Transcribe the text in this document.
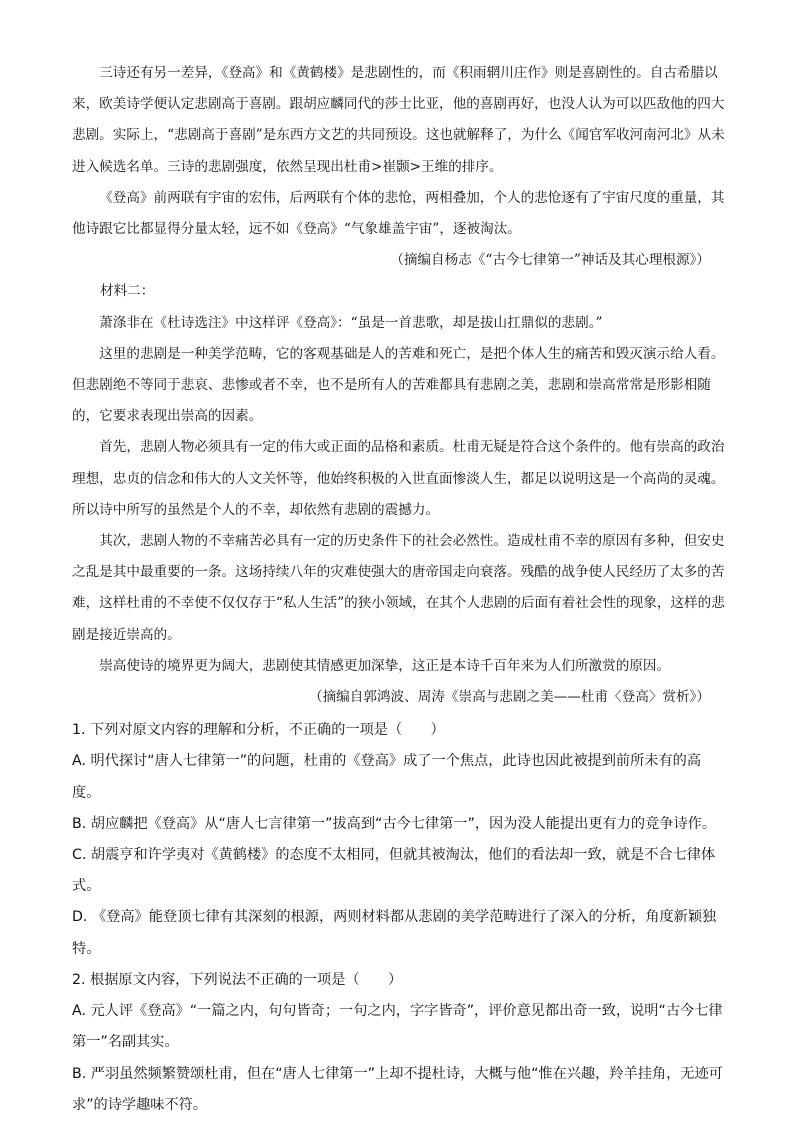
三诗还有另一差异，《登高》和《黄鹤楼》是悲剧性的，而《积雨辋川庄作》则是喜剧性的。自古希腊以来，欧美诗学便认定悲剧高于喜剧。跟胡应麟同代的莎士比亚，他的喜剧再好，也没人认为可以匹敌他的四大悲剧。实际上，“悲剧高于喜剧”是东西方文艺的共同预设。这也就解释了，为什么《闻官军收河南河北》从未进入候选名单。三诗的悲剧强度，依然呈现出杜甫>崔颢>王维的排序。

《登高》前两联有宇宙的宏伟，后两联有个体的悲怆，两相叠加，个人的悲怆逐有了宇宙尺度的重量，其他诗跟它比都显得分量太轻，远不如《登高》“气象雄盖宇宙”，逐被淘汰。

（摘编自杨志《“古今七律第一”神话及其心理根源》）

材料二：

萧涤非在《杜诗选注》中这样评《登高》：“虽是一首悲歌，却是拔山扛鼎似的悲剧。”

这里的悲剧是一种美学范畴，它的客观基础是人的苦难和死亡，是把个体人生的痛苦和毁灭演示给人看。但悲剧绝不等同于悲哀、悲惨或者不幸，也不是所有人的苦难都具有悲剧之美，悲剧和崇高常常是形影相随的，它要求表现出崇高的因素。

首先，悲剧人物必须具有一定的伟大或正面的品格和素质。杜甫无疑是符合这个条件的。他有崇高的政治理想，忠贞的信念和伟大的人文关怀等，他始终积极的入世直面惨淡人生，都足以说明这是一个高尚的灵魂。所以诗中所写的虽然是个人的不幸，却依然有悲剧的震撼力。

其次，悲剧人物的不幸痛苦必具有一定的历史条件下的社会必然性。造成杜甫不幸的原因有多种，但安史之乱是其中最重要的一条。这场持续八年的灾难使强大的唐帝国走向衰落。残酷的战争使人民经历了太多的苦难，这样杜甫的不幸使不仅仅存于“私人生活”的狭小领域，在其个人悲剧的后面有着社会性的现象，这样的悲剧是接近崇高的。

崇高使诗的境界更为阔大，悲剧使其情感更加深挚，这正是本诗千百年来为人们所激赏的原因。

（摘编自郭鸿波、周涛《崇高与悲剧之美——杜甫〈登高〉赏析》）

1. 下列对原文内容的理解和分析，不正确的一项是（　　）

A. 明代探讨“唐人七律第一”的问题，杜甫的《登高》成了一个焦点，此诗也因此被提到前所未有的高度。

B. 胡应麟把《登高》从“唐人七言律第一”拔高到“古今七律第一”，因为没人能提出更有力的竞争诗作。

C. 胡震亨和许学夷对《黄鹤楼》的态度不太相同，但就其被淘汰，他们的看法却一致，就是不合七律体式。

D. 《登高》能登顶七律有其深刻的根源，两则材料都从悲剧的美学范畴进行了深入的分析，角度新颖独特。

2. 根据原文内容，下列说法不正确的一项是（　　）

A. 元人评《登高》“一篇之内，句句皆奇；一句之内，字字皆奇”，评价意见都出奇一致，说明“古今七律第一”名副其实。

B. 严羽虽然频繁赞颂杜甫，但在“唐人七律第一”上却不提杜诗，大概与他“惟在兴趣，羚羊挂角，无迹可求”的诗学趣味不符。
